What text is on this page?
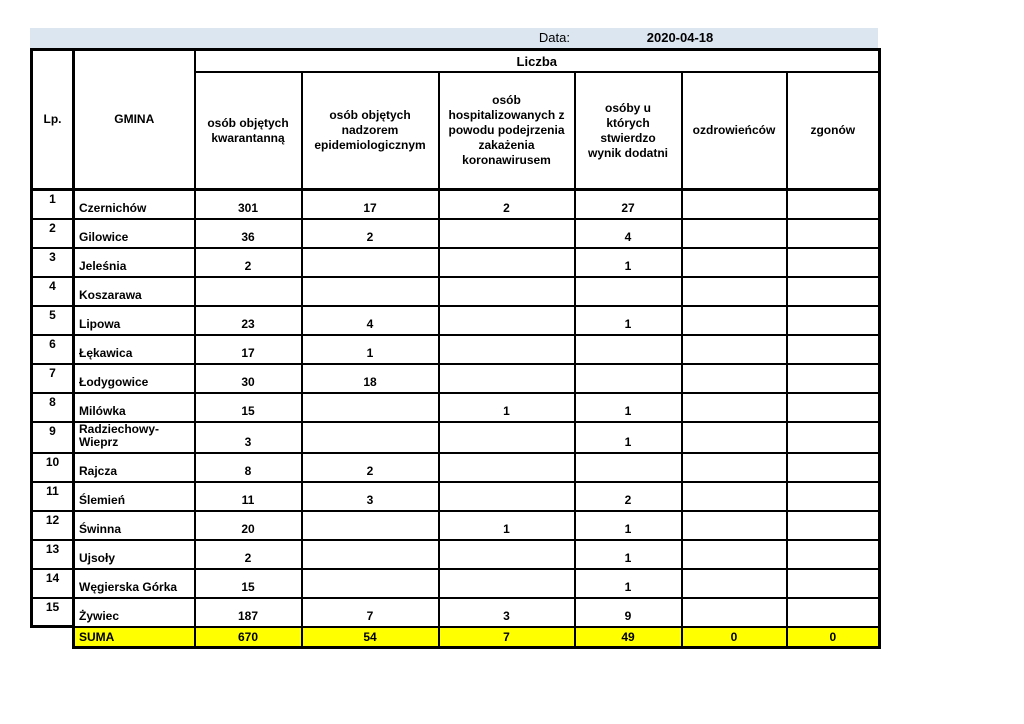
Data:	2020-04-18
Lp.	GMINA	Liczba					
		osób objętych kwarantanną	osób objętych nadzorem epidemiologicznym	osób hospitalizowanych z powodu podejrzenia zakażenia koronawirusem	osóby u których stwierdzo wynik dodatni	ozdrowieńców	zgonów
1	Czernichów	301	17	2	27		
2	Gilowice	36	2		4		
3	Jeleśnia	2			1		
4	Koszarawa						
5	Lipowa	23	4		1		
6	Łękawica	17	1				
7	Łodygowice	30	18				
8	Milówka	15		1	1		
9	Radziechowy-Wieprz	3			1		
10	Rajcza	8	2				
11	Ślemień	11	3		2		
12	Świnna	20		1	1		
13	Ujsoły	2			1		
14	Węgierska Górka	15			1		
15	Żywiec	187	7	3	9		
	SUMA	670	54	7	49	0	0
